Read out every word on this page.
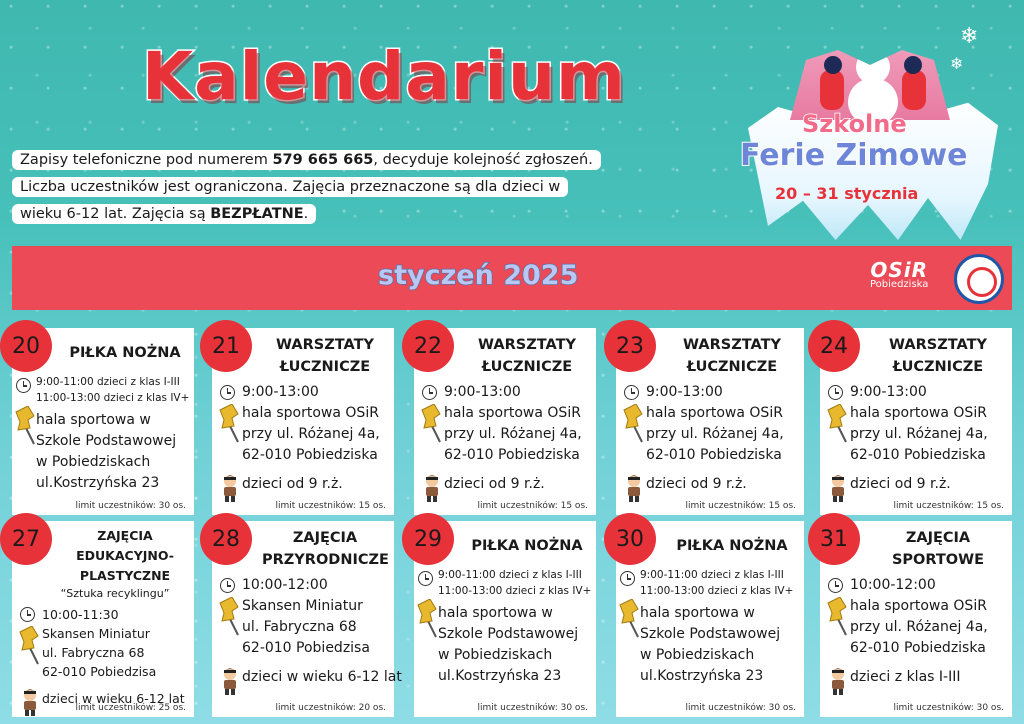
Kalendarium
Zapisy telefoniczne pod numerem 579 665 665, decyduje kolejność zgłoszeń.
Liczba uczestników jest ograniczona. Zajęcia przeznaczone są dla dzieci w
wieku 6-12 lat. Zajęcia są BEZPŁATNE.
❄
❄
Szkolne
Ferie Zimowe
20 – 31 stycznia
styczeń 2025	OSiR
Pobiedziska
PIŁKA NOŻNA
9:00-11:00 dzieci z klas I-III
11:00-13:00 dzieci z klas IV+
hala sportowa w
Szkole Podstawowej
w Pobiedziskach
ul.Kostrzyńska 23
limit uczestników: 30 os.
20	WARSZTATY
ŁUCZNICZE
9:00-13:00
hala sportowa OSiR
przy ul. Różanej 4a,
62-010 Pobiedziska
dzieci od 9 r.ż.
limit uczestników: 15 os.
21	WARSZTATY
ŁUCZNICZE
9:00-13:00
hala sportowa OSiR
przy ul. Różanej 4a,
62-010 Pobiedziska
dzieci od 9 r.ż.
limit uczestników: 15 os.
22	WARSZTATY
ŁUCZNICZE
9:00-13:00
hala sportowa OSiR
przy ul. Różanej 4a,
62-010 Pobiedziska
dzieci od 9 r.ż.
limit uczestników: 15 os.
23	WARSZTATY
ŁUCZNICZE
9:00-13:00
hala sportowa OSiR
przy ul. Różanej 4a,
62-010 Pobiedziska
dzieci od 9 r.ż.
limit uczestników: 15 os.
24
ZAJĘCIA
EDUKACYJNO-
PLASTYCZNE
“Sztuka recyklingu”
10:00-11:30
Skansen Miniatur
ul. Fabryczna 68
62-010 Pobiedzisa
dzieci w wieku 6-12 lat
limit uczestników: 25 os.
27	ZAJĘCIA
PRZYRODNICZE
10:00-12:00
Skansen Miniatur
ul. Fabryczna 68
62-010 Pobiedzisa
dzieci w wieku 6-12 lat
limit uczestników: 20 os.
28	PIŁKA NOŻNA
9:00-11:00 dzieci z klas I-III
11:00-13:00 dzieci z klas IV+
hala sportowa w
Szkole Podstawowej
w Pobiedziskach
ul.Kostrzyńska 23
limit uczestników: 30 os.
29	PIŁKA NOŻNA
9:00-11:00 dzieci z klas I-III
11:00-13:00 dzieci z klas IV+
hala sportowa w
Szkole Podstawowej
w Pobiedziskach
ul.Kostrzyńska 23
limit uczestników: 30 os.
30	ZAJĘCIA
SPORTOWE
10:00-12:00
hala sportowa OSiR
przy ul. Różanej 4a,
62-010 Pobiedziska
dzieci z klas I-III
limit uczestników: 30 os.
31
